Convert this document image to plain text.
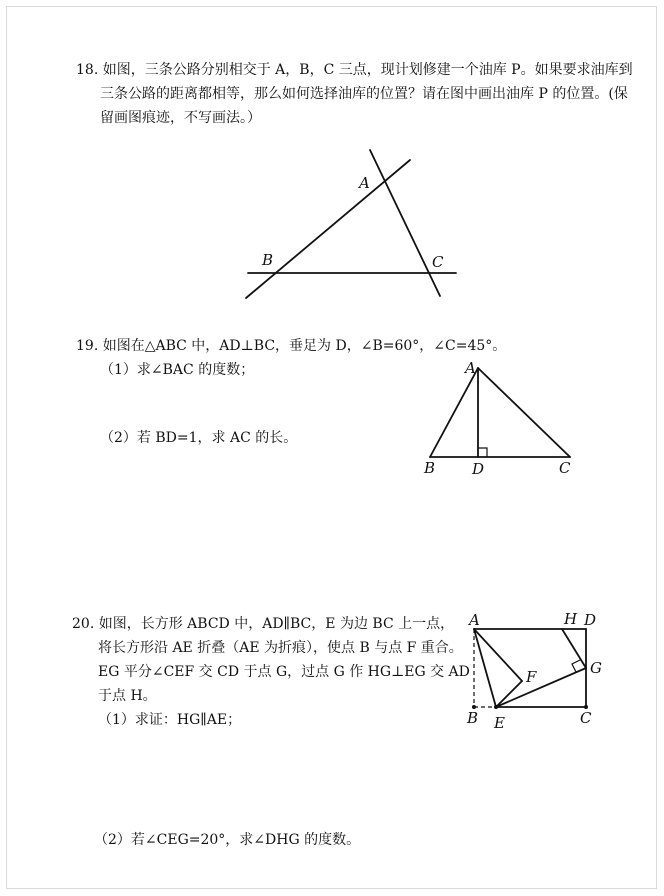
18. 如图，三条公路分别相交于 A，B，C 三点，现计划修建一个油库 P。如果要求油库到
三条公路的距离都相等，那么如何选择油库的位置？请在图中画出油库 P 的位置。(保
留画图痕迹，不写画法。）
A
B	C
19. 如图在△ABC 中，AD⊥BC，垂足为 D，∠B=60°，∠C=45°。
（1）求∠BAC 的度数；
（2）若 BD=1，求 AC 的长。
A
B D	C
20. 如图，长方形 ABCD 中，AD∥BC，E 为边 BC 上一点，
将长方形沿 AE 折叠（AE 为折痕），使点 B 与点 F 重合。
EG 平分∠CEF 交 CD 于点 G，过点 G 作 HG⊥EG 交 AD
于点 H。
（1）求证：HG∥AE；
（2）若∠CEG=20°，求∠DHG 的度数。
A	H D
G
F
B E	C
